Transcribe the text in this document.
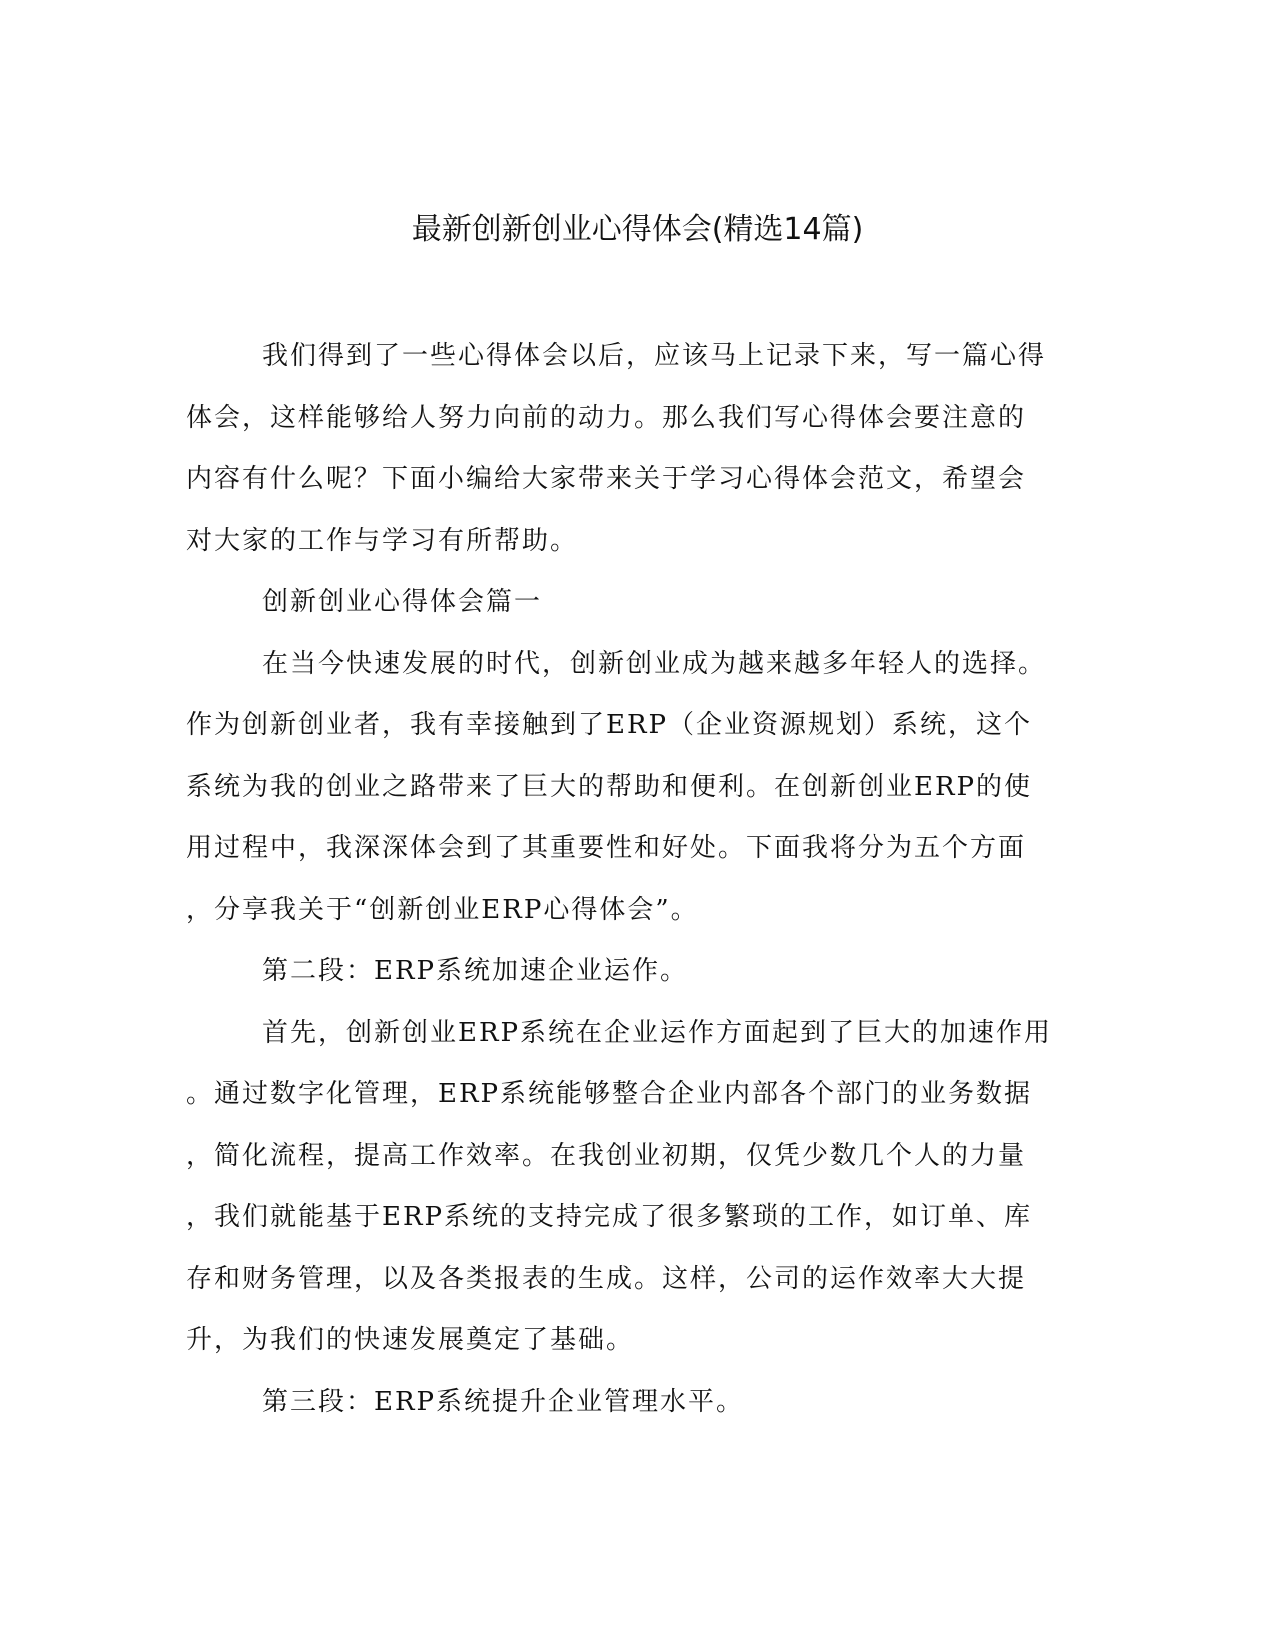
最新创新创业心得体会(精选14篇)
我们得到了一些心得体会以后，应该马上记录下来，写一篇心得
体会，这样能够给人努力向前的动力。那么我们写心得体会要注意的
内容有什么呢？下面小编给大家带来关于学习心得体会范文，希望会
对大家的工作与学习有所帮助。
创新创业心得体会篇一
在当今快速发展的时代，创新创业成为越来越多年轻人的选择。
作为创新创业者，我有幸接触到了ERP（企业资源规划）系统，这个
系统为我的创业之路带来了巨大的帮助和便利。在创新创业ERP的使
用过程中，我深深体会到了其重要性和好处。下面我将分为五个方面
，分享我关于“创新创业ERP心得体会”。
第二段：ERP系统加速企业运作。
首先，创新创业ERP系统在企业运作方面起到了巨大的加速作用
。通过数字化管理，ERP系统能够整合企业内部各个部门的业务数据
，简化流程，提高工作效率。在我创业初期，仅凭少数几个人的力量
，我们就能基于ERP系统的支持完成了很多繁琐的工作，如订单、库
存和财务管理，以及各类报表的生成。这样，公司的运作效率大大提
升，为我们的快速发展奠定了基础。
第三段：ERP系统提升企业管理水平。
